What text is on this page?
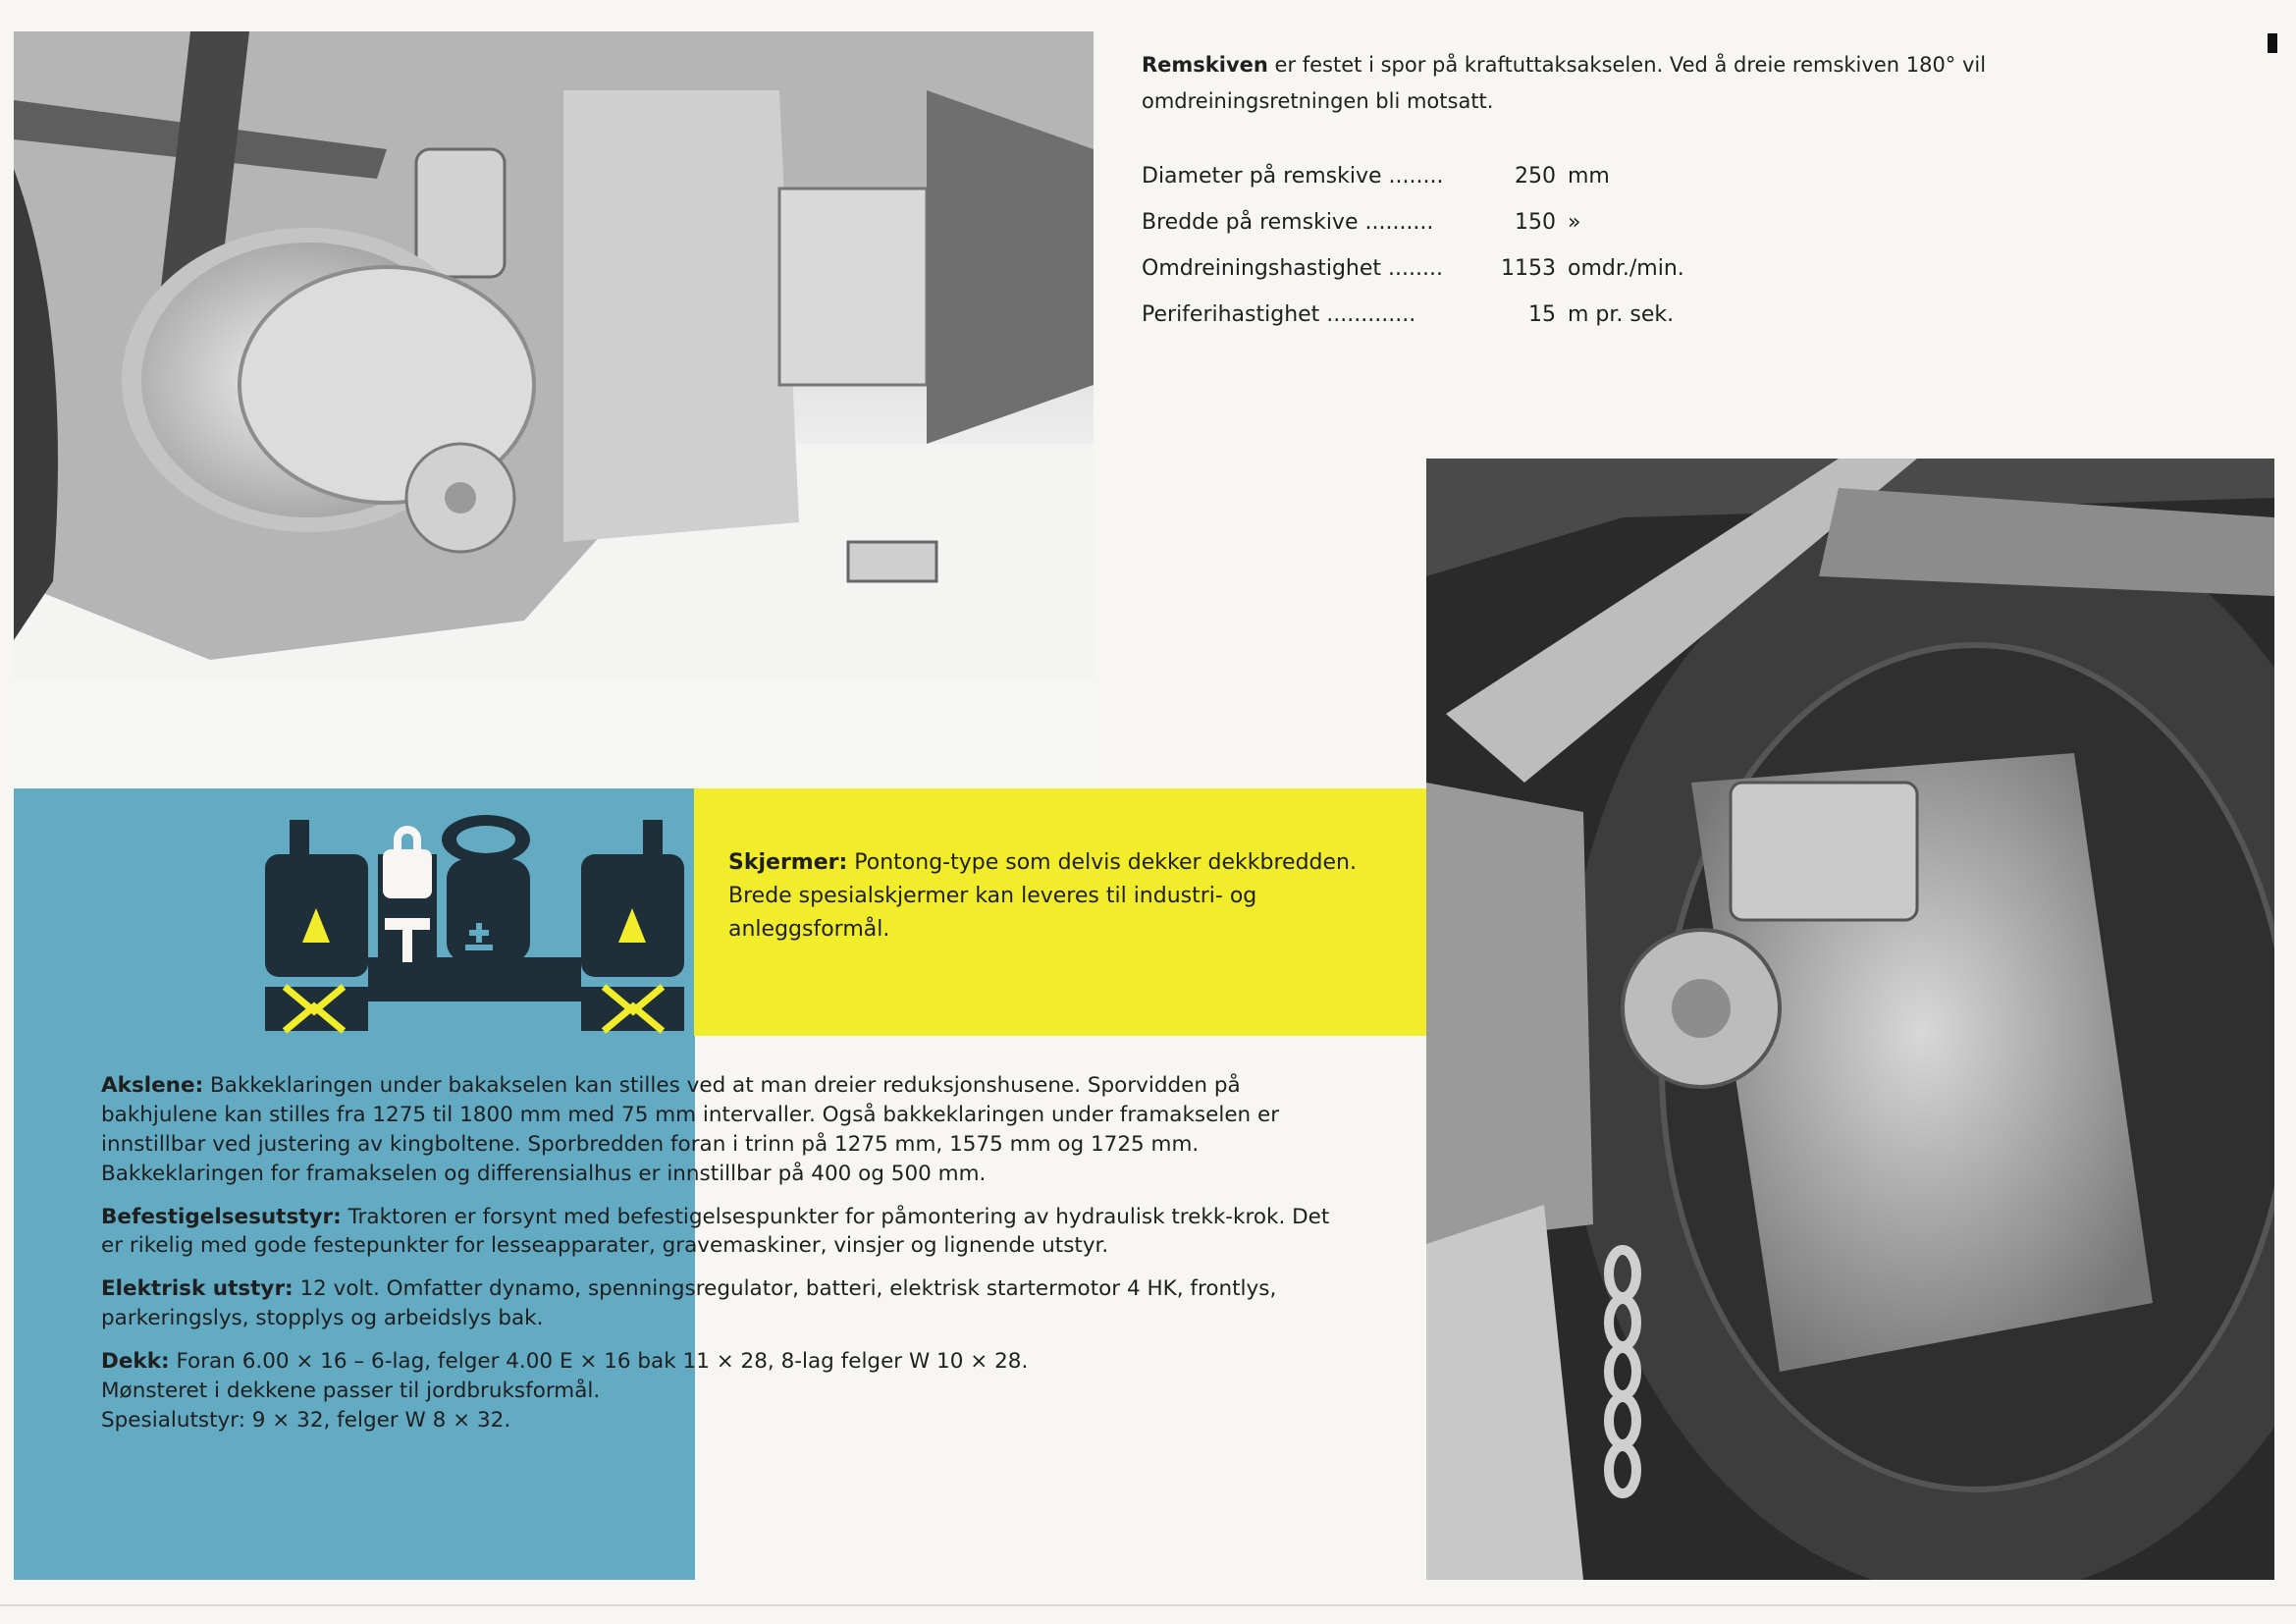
Remskiven er festet i spor på kraftuttaksakselen. Ved å dreie remskiven 180° vil omdreiningsretningen bli motsatt.
Diameter på remskive ........	250 mm
Bredde på remskive ..........	150 »
Omdreiningshastighet ........	1153 omdr./min.
Periferihastighet .............	15 m pr. sek.
Skjermer: Pontong-type som delvis dekker dekkbredden. Brede spesialskjermer kan leveres til industri- og anleggsformål.

Akslene: Bakkeklaringen under bakakselen kan stilles ved at man dreier reduksjonshusene. Sporvidden på bakhjulene kan stilles fra 1275 til 1800 mm med 75 mm intervaller. Også bakkeklaringen under framakselen er innstillbar ved justering av kingboltene. Sporbredden foran i trinn på 1275 mm, 1575 mm og 1725 mm. Bakkeklaringen for framakselen og differensialhus er innstillbar på 400 og 500 mm.

Befestigelsesutstyr: Traktoren er forsynt med befestigelsespunkter for påmontering av hydraulisk trekk-krok. Det er rikelig med gode festepunkter for lesseapparater, gravemaskiner, vinsjer og lignende utstyr.

Elektrisk utstyr: 12 volt. Omfatter dynamo, spenningsregulator, batteri, elektrisk startermotor 4 HK, frontlys, parkeringslys, stopplys og arbeidslys bak.

Dekk: Foran 6.00 × 16 – 6-lag, felger 4.00 E × 16 bak 11 × 28, 8-lag felger W 10 × 28.
Mønsteret i dekkene passer til jordbruksformål.
Spesialutstyr: 9 × 32, felger W 8 × 32.
